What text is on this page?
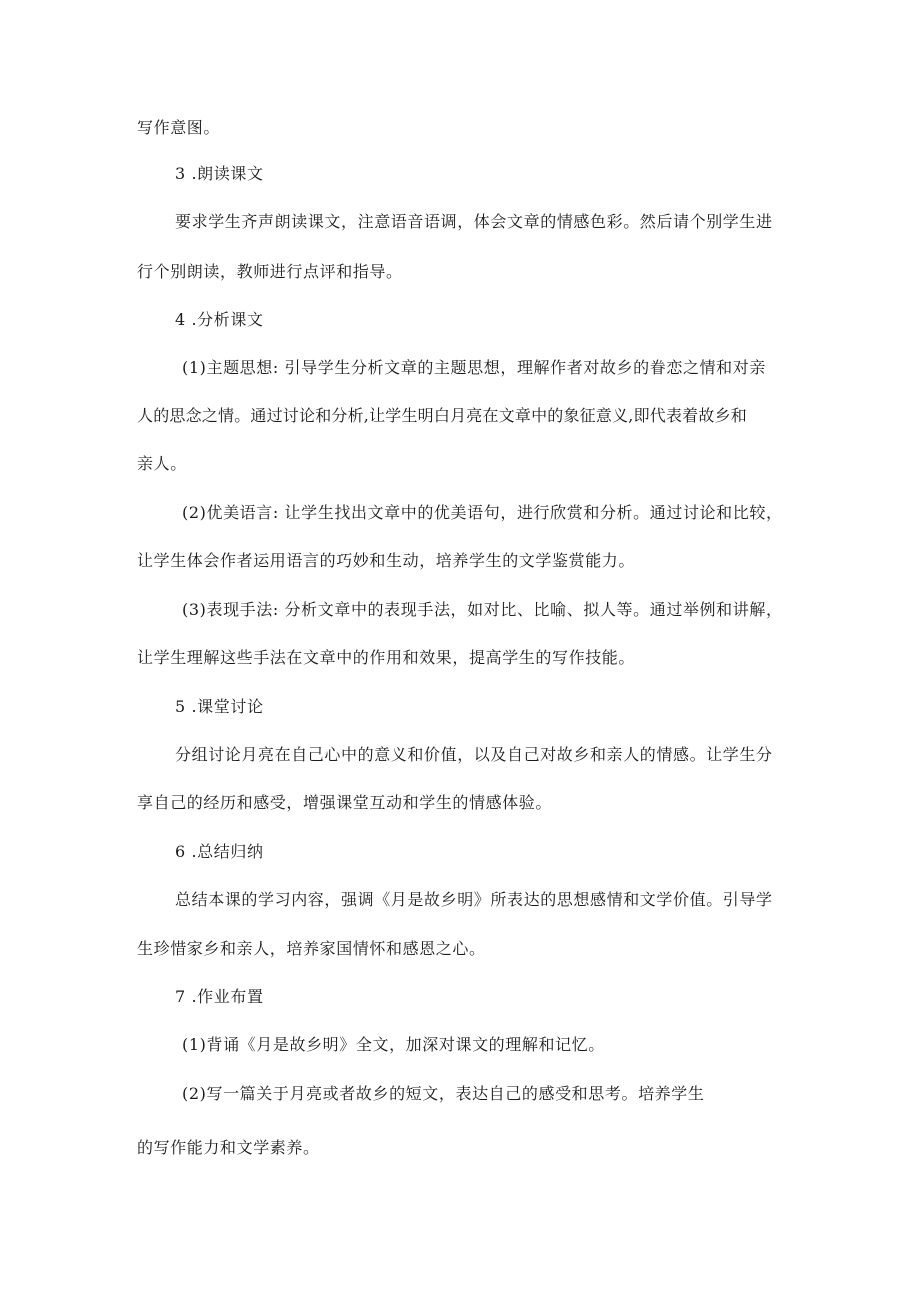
写作意图。
3 .朗读课文
要求学生齐声朗读课文，注意语音语调，体会文章的情感色彩。然后请个别学生进
行个别朗读，教师进行点评和指导。
4 .分析课文
(1)主题思想: 引导学生分析文章的主题思想，理解作者对故乡的眷恋之情和对亲
人的思念之情。通过讨论和分析,让学生明白月亮在文章中的象征意义,即代表着故乡和
亲人。
(2)优美语言: 让学生找出文章中的优美语句，进行欣赏和分析。通过讨论和比较，
让学生体会作者运用语言的巧妙和生动，培养学生的文学鉴赏能力。
(3)表现手法: 分析文章中的表现手法，如对比、比喻、拟人等。通过举例和讲解，
让学生理解这些手法在文章中的作用和效果，提高学生的写作技能。
5 .课堂讨论
分组讨论月亮在自己心中的意义和价值，以及自己对故乡和亲人的情感。让学生分
享自己的经历和感受，增强课堂互动和学生的情感体验。
6 .总结归纳
总结本课的学习内容，强调《月是故乡明》所表达的思想感情和文学价值。引导学
生珍惜家乡和亲人，培养家国情怀和感恩之心。
7 .作业布置
(1)背诵《月是故乡明》全文，加深对课文的理解和记忆。
(2)写一篇关于月亮或者故乡的短文，表达自己的感受和思考。培养学生
的写作能力和文学素养。
